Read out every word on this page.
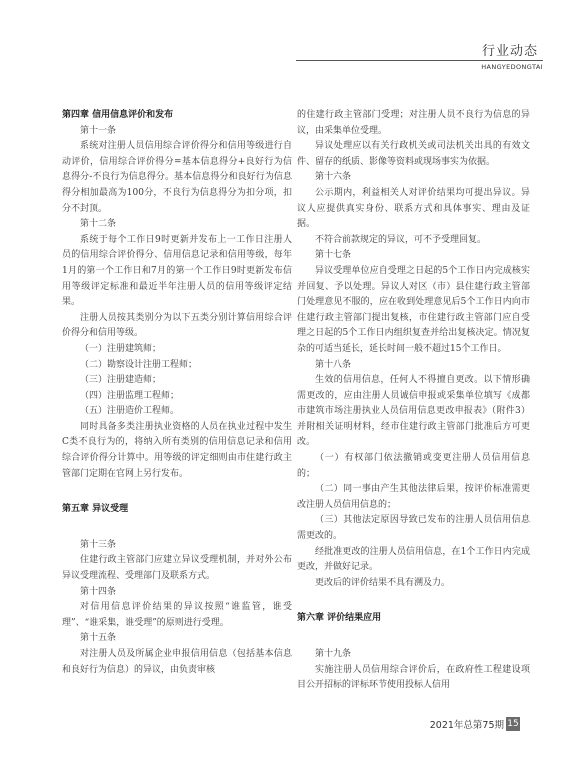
行业动态
HANGYEDONGTAI

第四章 信用信息评价和发布

第十一条

系统对注册人员信用综合评价得分和信用等级进行自动评价，信用综合评价得分=基本信息得分+良好行为信息得分-不良行为信息得分。基本信息得分和良好行为信息得分相加最高为100分，不良行为信息得分为扣分项，扣分不封顶。

第十二条

系统于每个工作日9时更新并发布上一工作日注册人员的信用综合评价得分、信用信息记录和信用等级，每年1月的第一个工作日和7月的第一个工作日9时更新发布信用等级评定标准和最近半年注册人员的信用等级评定结果。

注册人员按其类别分为以下五类分别计算信用综合评价得分和信用等级。

（一）注册建筑师；

（二）勘察设计注册工程师；

（三）注册建造师；

（四）注册监理工程师；

（五）注册造价工程师。

同时具备多类注册执业资格的人员在执业过程中发生C类不良行为的，将纳入所有类别的信用信息记录和信用综合评价得分计算中。用等级的评定细则由市住建行政主管部门定期在官网上另行发布。

第五章 异议受理

第十三条

住建行政主管部门应建立异议受理机制，并对外公布异议受理流程、受理部门及联系方式。

第十四条

对信用信息评价结果的异议按照“谁监管，谁受理”、“谁采集，谁受理”的原则进行受理。

第十五条

对注册人员及所属企业申报信用信息（包括基本信息和良好行为信息）的异议，由负责审核

的住建行政主管部门受理；对注册人员不良行为信息的异议，由采集单位受理。

异议处理应以有关行政机关或司法机关出具的有效文件、留存的纸质、影像等资料或现场事实为依据。

第十六条

公示期内，利益相关人对评价结果均可提出异议。异议人应提供真实身份、联系方式和具体事实、理由及证据。

不符合前款规定的异议，可不予受理回复。

第十七条

异议受理单位应自受理之日起的5个工作日内完成核实并回复、予以处理。异议人对区（市）县住建行政主管部门处理意见不服的，应在收到处理意见后5个工作日内向市住建行政主管部门提出复核，市住建行政主管部门应自受理之日起的5个工作日内组织复查并给出复核决定。情况复杂的可适当延长，延长时间一般不超过15个工作日。

第十八条

生效的信用信息，任何人不得擅自更改。以下情形确需更改的，应由注册人员诚信申报或采集单位填写《成都市建筑市场注册执业人员信用信息更改申报表》（附件3）并附相关证明材料，经市住建行政主管部门批准后方可更改。

（一）有权部门依法撤销或变更注册人员信用信息的；

（二）同一事由产生其他法律后果，按评价标准需更改注册人员信用信息的；

（三）其他法定原因导致已发布的注册人员信用信息需更改的。

经批准更改的注册人员信用信息，在1个工作日内完成更改，并做好记录。

更改后的评价结果不具有溯及力。

第六章 评价结果应用

第十九条

实施注册人员信用综合评价后，在政府性工程建设项目公开招标的评标环节使用投标人信用

2021年总第75期 15
